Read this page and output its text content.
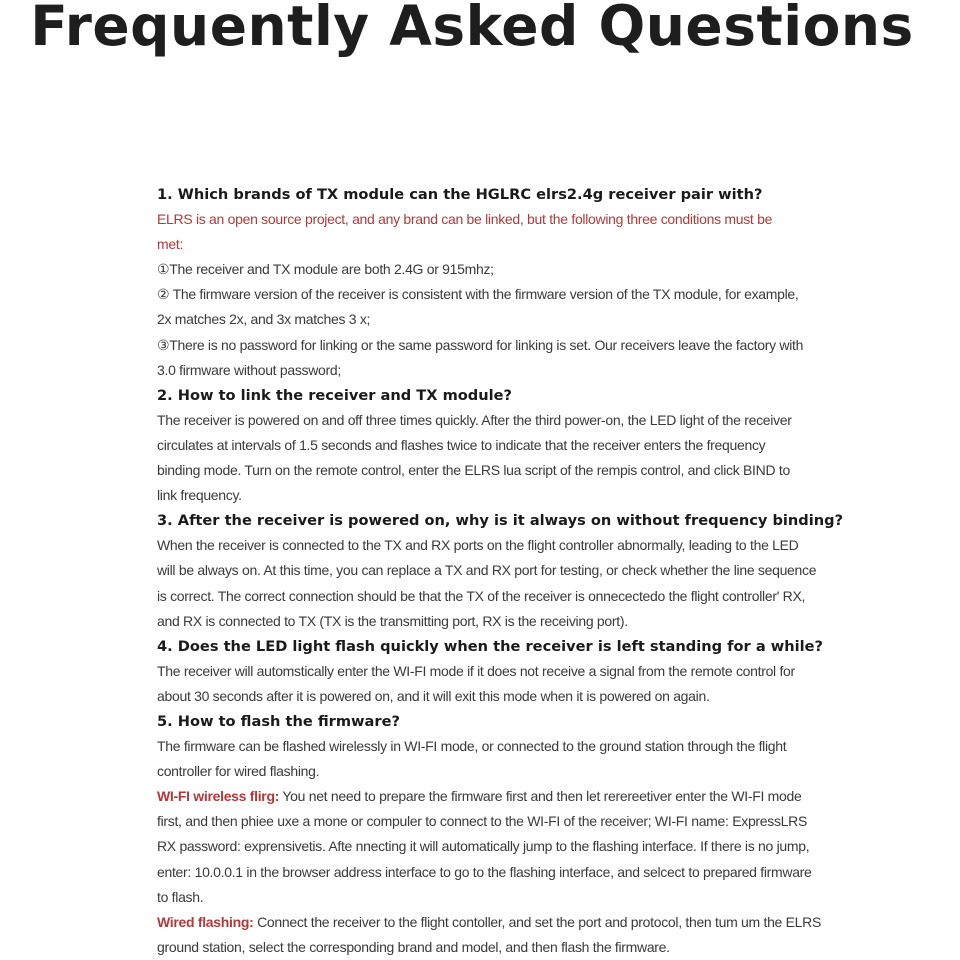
Frequently Asked Questions
1. Which brands of TX module can the HGLRC elrs2.4g receiver pair with?
ELRS is an open source project, and any brand can be linked, but the following three conditions must be
met:
①The receiver and TX module are both 2.4G or 915mhz;
② The firmware version of the receiver is consistent with the firmware version of the TX module, for example,
2x matches 2x, and 3x matches 3 x;
③There is no password for linking or the same password for linking is set. Our receivers leave the factory with
3.0 firmware without password;
2. How to link the receiver and TX module?
The receiver is powered on and off three times quickly. After the third power-on, the LED light of the receiver
circulates at intervals of 1.5 seconds and flashes twice to indicate that the receiver enters the frequency
binding mode. Turn on the remote control, enter the ELRS lua script of the rempis control, and click BIND to
link frequency.
3. After the receiver is powered on, why is it always on without frequency binding?
When the receiver is connected to the TX and RX ports on the flight controller abnormally, leading to the LED
will be always on. At this time, you can replace a TX and RX port for testing, or check whether the line sequence
is correct. The correct connection should be that the TX of the receiver is onnecectedo the flight controller' RX,
and RX is connected to TX (TX is the transmitting port, RX is the receiving port).
4. Does the LED light flash quickly when the receiver is left standing for a while?
The receiver will automstically enter the WI-FI mode if it does not receive a signal from the remote control for
about 30 seconds after it is powered on, and it will exit this mode when it is powered on again.
5. How to flash the firmware?
The firmware can be flashed wirelessly in WI-FI mode, or connected to the ground station through the flight
controller for wired flashing.
WI-FI wireless flirg: You net need to prepare the firmware first and then let rerereetiver enter the WI-FI mode
first, and then phiee uxe a mone or compuler to connect to the WI-FI of the receiver; WI-FI name: ExpressLRS
RX password: exprensivetis. Afte nnecting it will automatically jump to the flashing interface. If there is no jump,
enter: 10.0.0.1 in the browser address interface to go to the flashing interface, and selcect to prepared firmware
to flash.
Wired flashing: Connect the receiver to the flight contoller, and set the port and protocol, then tum um the ELRS
ground station, select the corresponding brand and model, and then flash the firmware.
